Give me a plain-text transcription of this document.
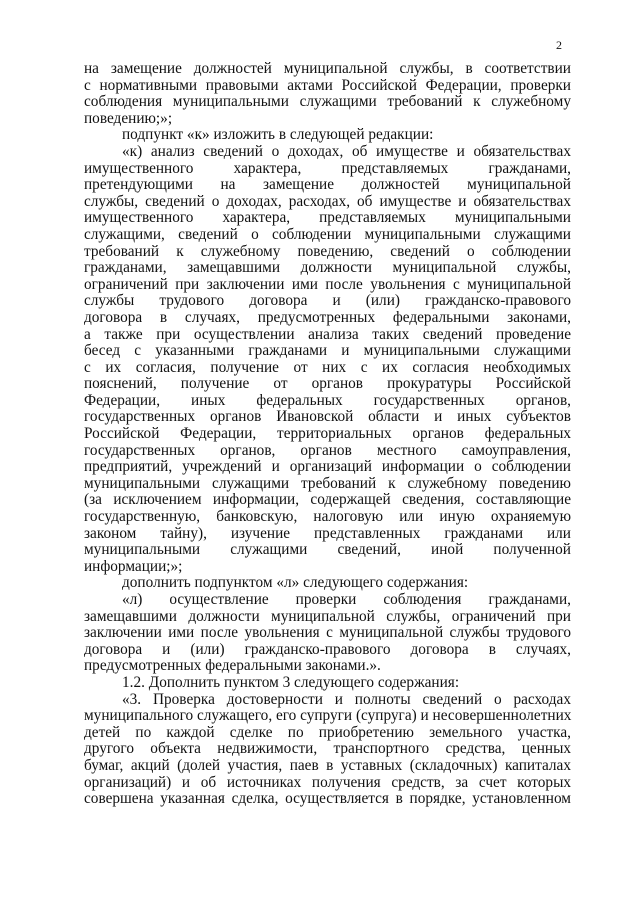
2
на замещение должностей муниципальной службы, в соответствии
с нормативными правовыми актами Российской Федерации, проверки
соблюдения муниципальными служащими требований к служебному
поведению;»;
подпункт «к» изложить в следующей редакции:
«к) анализ сведений о доходах, об имуществе и обязательствах
имущественного характера, представляемых гражданами,
претендующими на замещение должностей муниципальной
службы, сведений о доходах, расходах, об имуществе и обязательствах
имущественного характера, представляемых муниципальными
служащими, сведений о соблюдении муниципальными служащими
требований к служебному поведению, сведений о соблюдении
гражданами, замещавшими должности муниципальной службы,
ограничений при заключении ими после увольнения с муниципальной
службы трудового договора и (или) гражданско-правового
договора в случаях, предусмотренных федеральными законами,
а также при осуществлении анализа таких сведений проведение
бесед с указанными гражданами и муниципальными служащими
с их согласия, получение от них с их согласия необходимых
пояснений, получение от органов прокуратуры Российской
Федерации, иных федеральных государственных органов,
государственных органов Ивановской области и иных субъектов
Российской Федерации, территориальных органов федеральных
государственных органов, органов местного самоуправления,
предприятий, учреждений и организаций информации о соблюдении
муниципальными служащими требований к служебному поведению
(за исключением информации, содержащей сведения, составляющие
государственную, банковскую, налоговую или иную охраняемую
законом тайну), изучение представленных гражданами или
муниципальными служащими сведений, иной полученной
информации;»;
дополнить подпунктом «л» следующего содержания:
«л) осуществление проверки соблюдения гражданами,
замещавшими должности муниципальной службы, ограничений при
заключении ими после увольнения с муниципальной службы трудового
договора и (или) гражданско-правового договора в случаях,
предусмотренных федеральными законами.».
1.2. Дополнить пунктом 3 следующего содержания:
«3. Проверка достоверности и полноты сведений о расходах
муниципального служащего, его супруги (супруга) и несовершеннолетних
детей по каждой сделке по приобретению земельного участка,
другого объекта недвижимости, транспортного средства, ценных
бумаг, акций (долей участия, паев в уставных (складочных) капиталах
организаций) и об источниках получения средств, за счет которых
совершена указанная сделка, осуществляется в порядке, установленном
